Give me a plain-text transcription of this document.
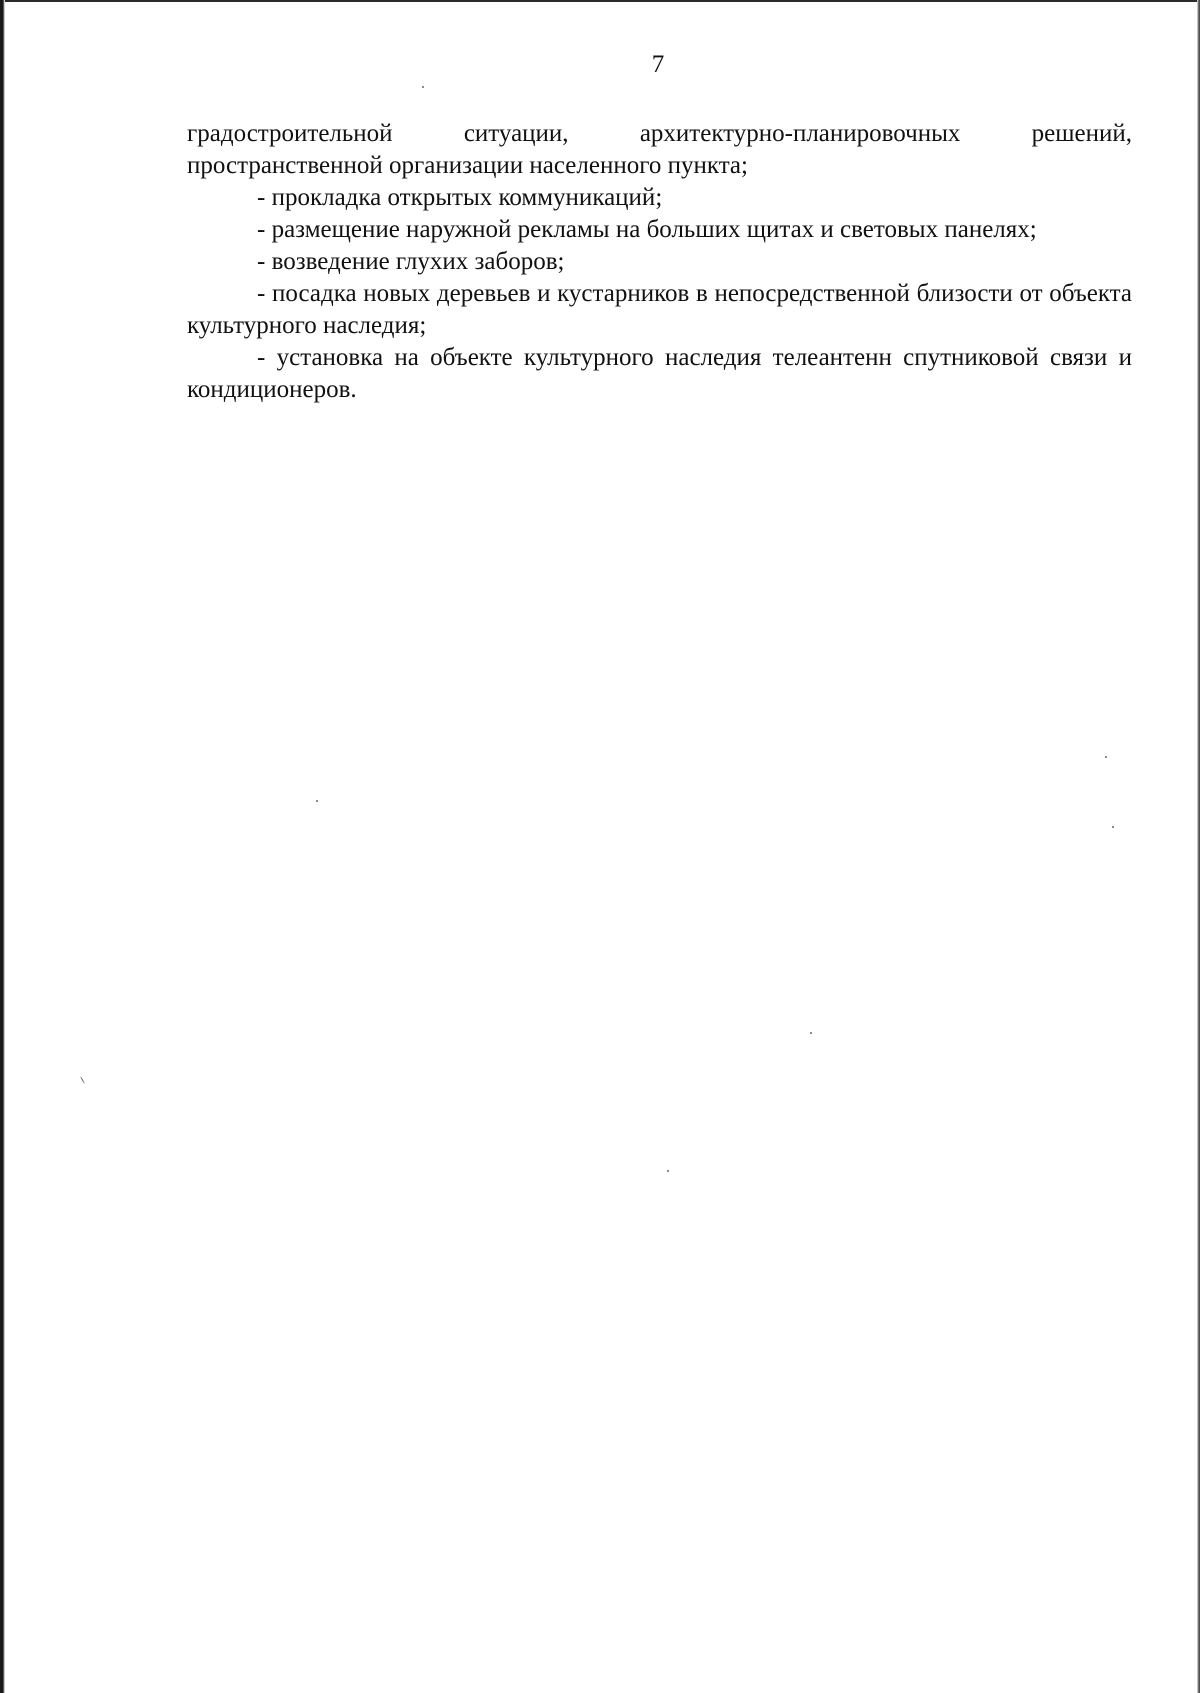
7

градостроительной ситуации, архитектурно-планировочных решений,
пространственной организации населенного пункта;

- прокладка открытых коммуникаций;

- размещение наружной рекламы на больших щитах и световых панелях;

- возведение глухих заборов;

- посадка новых деревьев и кустарников в непосредственной близости от объекта культурного наследия;

- установка на объекте культурного наследия телеантенн спутниковой связи и кондиционеров.
